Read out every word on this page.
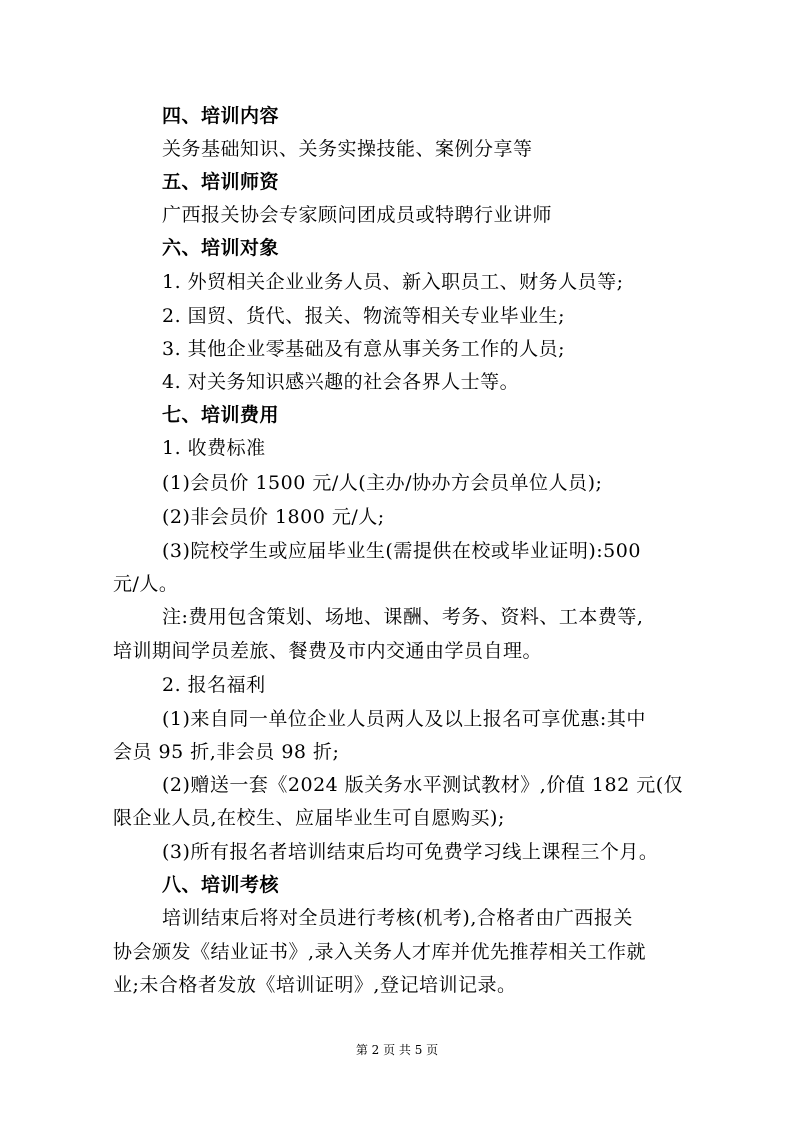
四、培训内容
关务基础知识、关务实操技能、案例分享等
五、培训师资
广西报关协会专家顾问团成员或特聘行业讲师
六、培训对象
1. 外贸相关企业业务人员、新入职员工、财务人员等;
2. 国贸、货代、报关、物流等相关专业毕业生;
3. 其他企业零基础及有意从事关务工作的人员;
4. 对关务知识感兴趣的社会各界人士等。
七、培训费用
1. 收费标准
(1)会员价 1500 元/人(主办/协办方会员单位人员);
(2)非会员价 1800 元/人;
(3)院校学生或应届毕业生(需提供在校或毕业证明):500
元/人。
注:费用包含策划、场地、课酬、考务、资料、工本费等,
培训期间学员差旅、餐费及市内交通由学员自理。
2. 报名福利
(1)来自同一单位企业人员两人及以上报名可享优惠:其中
会员 95 折,非会员 98 折;
(2)赠送一套《2024 版关务水平测试教材》,价值 182 元(仅
限企业人员,在校生、应届毕业生可自愿购买);
(3)所有报名者培训结束后均可免费学习线上课程三个月。
八、培训考核
培训结束后将对全员进行考核(机考),合格者由广西报关
协会颁发《结业证书》,录入关务人才库并优先推荐相关工作就
业;未合格者发放《培训证明》,登记培训记录。
第 2 页 共 5 页
